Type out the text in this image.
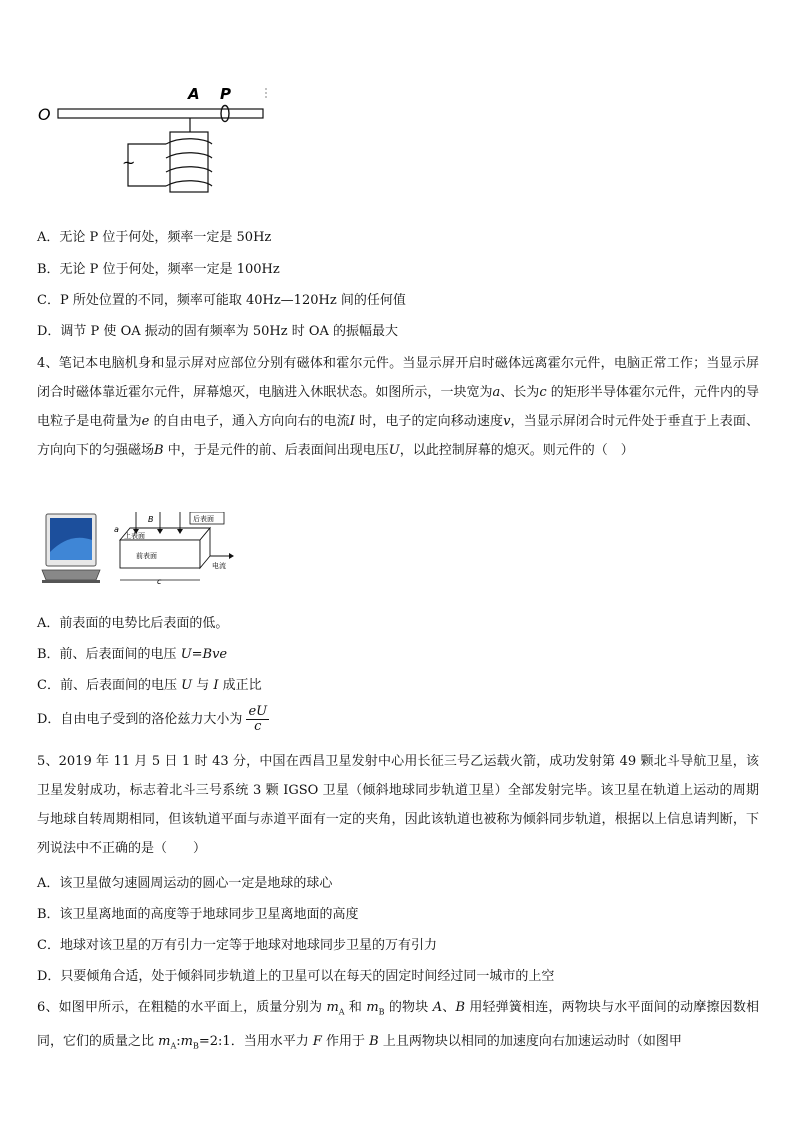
O
A P
~
A．无论 P 位于何处，频率一定是 50Hz
B．无论 P 位于何处，频率一定是 100Hz
C．P 所处位置的不同，频率可能取 40Hz—120Hz 间的任何值
D．调节 P 使 OA 振动的固有频率为 50Hz 时 OA 的振幅最大
4、笔记本电脑机身和显示屏对应部位分别有磁体和霍尔元件。当显示屏开启时磁体远离霍尔元件，电脑正常工作；当显示屏闭合时磁体靠近霍尔元件，屏幕熄灭，电脑进入休眠状态。如图所示，一块宽为a、长为c 的矩形半导体霍尔元件，元件内的导电粒子是电荷量为e 的自由电子，通入方向向右的电流I 时，电子的定向移动速度v，当显示屏闭合时元件处于垂直于上表面、方向向下的匀强磁场B 中，于是元件的前、后表面间出现电压U，以此控制屏幕的熄灭。则元件的（　）
B	后表面
上表面
前表面
a
c
电流
A．前表面的电势比后表面的低。
B．前、后表面间的电压 U=Bve
C．前、后表面间的电压 U 与 I 成正比
D．自由电子受到的洛伦兹力大小为 $\frac{eU}{c}$
5、2019 年 11 月 5 日 1 时 43 分，中国在西昌卫星发射中心用长征三号乙运载火箭，成功发射第 49 颗北斗导航卫星，该卫星发射成功，标志着北斗三号系统 3 颗 IGSO 卫星（倾斜地球同步轨道卫星）全部发射完毕。该卫星在轨道上运动的周期与地球自转周期相同，但该轨道平面与赤道平面有一定的夹角，因此该轨道也被称为倾斜同步轨道，根据以上信息请判断，下列说法中不正确的是（　　）
A．该卫星做匀速圆周运动的圆心一定是地球的球心
B．该卫星离地面的高度等于地球同步卫星离地面的高度
C．地球对该卫星的万有引力一定等于地球对地球同步卫星的万有引力
D．只要倾角合适，处于倾斜同步轨道上的卫星可以在每天的固定时间经过同一城市的上空
6、如图甲所示，在粗糙的水平面上，质量分别为 $m_A$ 和 $m_B$ 的物块 A、B 用轻弹簧相连，两物块与水平面间的动摩擦因数相同，它们的质量之比 $m_A:m_B=2:1$．当用水平力 F 作用于 B 上且两物块以相同的加速度向右加速运动时（如图甲
